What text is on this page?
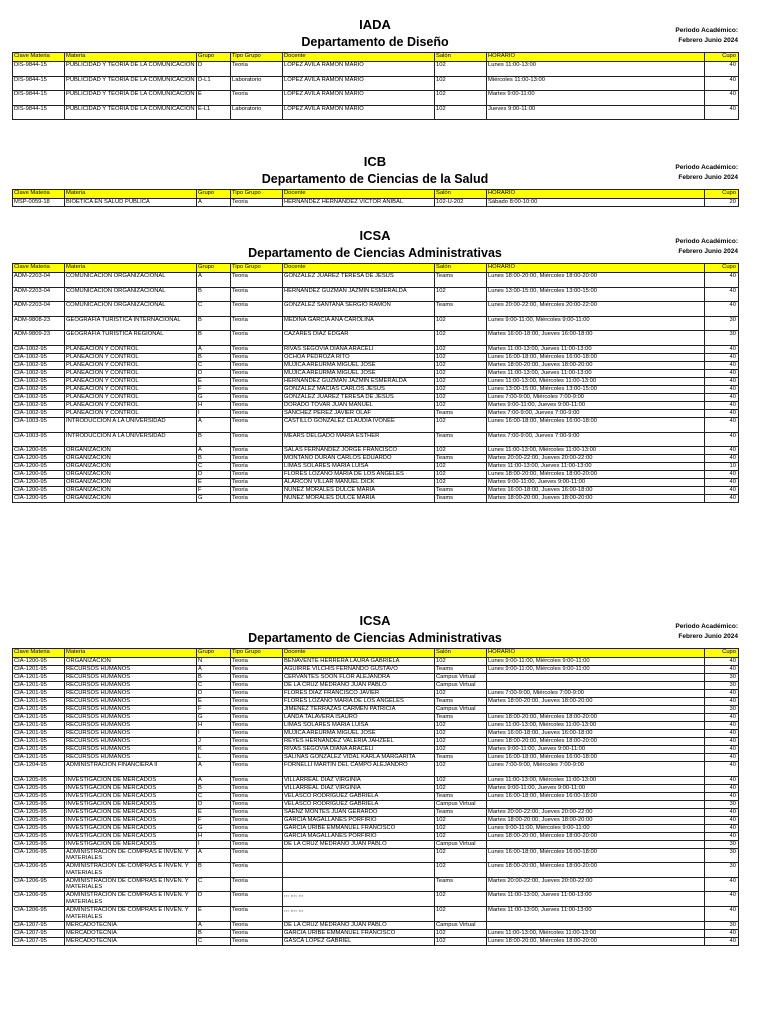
IADA
Departamento de Diseño
Periodo Académico:
Febrero Junio 2024
Clave Materia	Materia	Grupo	Tipo Grupo	Docente	Salón	HORARIO	Cupo
DIS-9844-15	PUBLICIDAD Y TEORIA DE LA COMUNICACION	D	Teoria	LOPEZ AVILA RAMON MARIO	102	Lunes 11:00-13:00	40
DIS-9844-15	PUBLICIDAD Y TEORIA DE LA COMUNICACION	D-L1	Laboratorio	LOPEZ AVILA RAMON MARIO	102	Miércoles 11:00-13:00	40
DIS-9844-15	PUBLICIDAD Y TEORIA DE LA COMUNICACION	E	Teoria	LOPEZ AVILA RAMON MARIO	102	Martes 9:00-11:00	40
DIS-9844-15	PUBLICIDAD Y TEORIA DE LA COMUNICACION	E-L1	Laboratorio	LOPEZ AVILA RAMON MARIO	102	Jueves 9:00-11:00	40
ICB
Departamento de Ciencias de la Salud
Periodo Académico:
Febrero Junio 2024
Clave Materia	Materia	Grupo	Tipo Grupo	Docente	Salón	HORARIO	Cupo
MSP-0059-18	BIOETICA EN SALUD PUBLICA	A	Teoria	HERNANDEZ HERNANDEZ VICTOR ANIBAL	102-U-202	Sábado 8:00-10:00	20
ICSA
Departamento de Ciencias Administrativas
Periodo Académico:
Febrero Junio 2024
Clave Materia	Materia	Grupo	Tipo Grupo	Docente	Salón	HORARIO	Cupo
ADM-2203-04	COMUNICACION ORGANIZACIONAL	A	Teoria	GONZALEZ JUAREZ TERESA DE JESUS	Teams	Lunes 18:00-20:00, Miércoles 18:00-20:00	40
ADM-2203-04	COMUNICACION ORGANIZACIONAL	B	Teoria	HERNANDEZ GUZMAN JAZMIN ESMERALDA	102	Lunes 13:00-15:00, Miércoles 13:00-15:00	40
ADM-2203-04	COMUNICACION ORGANIZACIONAL	C	Teoria	GONZALEZ SANTANA SERGIO RAMON	Teams	Lunes 20:00-22:00, Miércoles 20:00-22:00	40
ADM-9808-23	GEOGRAFÍA TURÍSTICA INTERNACIONAL	B	Teoria	MEDINA GARCIA ANA CAROLINA	102	Lunes 9:00-11:00, Miércoles 9:00-11:00	30
ADM-9809-23	GEOGRAFÍA TURÍSTICA REGIONAL	B	Teoria	CAZARES DIAZ EDGAR	102	Martes 16:00-18:00, Jueves 16:00-18:00	30
CIA-1002-95	PLANEACION Y CONTROL	A	Teoria	RIVAS SEGOVIA DIANA ARACELI	102	Martes 11:00-13:00, Jueves 11:00-13:00	40
CIA-1002-95	PLANEACION Y CONTROL	B	Teoria	OCHOA PEDROZA RITO	102	Lunes 16:00-18:00, Miércoles 16:00-18:00	40
CIA-1002-95	PLANEACION Y CONTROL	C	Teoria	MUJICA AREURMA MIGUEL JOSE	102	Martes 18:00-20:00, Jueves 18:00-20:00	40
CIA-1002-95	PLANEACION Y CONTROL	D	Teoria	MUJICA AREURMA MIGUEL JOSE	102	Martes 11:00-13:00, Jueves 11:00-13:00	40
CIA-1002-95	PLANEACION Y CONTROL	E	Teoria	HERNANDEZ GUZMAN JAZMIN ESMERALDA	102	Lunes 11:00-13:00, Miércoles 11:00-13:00	40
CIA-1002-95	PLANEACION Y CONTROL	F	Teoria	GONZALEZ MACIAS CARLOS JESUS	102	Lunes 13:00-15:00, Miércoles 13:00-15:00	40
CIA-1002-95	PLANEACION Y CONTROL	G	Teoria	GONZALEZ JUAREZ TERESA DE JESUS	102	Lunes 7:00-9:00, Miércoles 7:00-9:00	40
CIA-1002-95	PLANEACION Y CONTROL	H	Teoria	DORADO TOVAR JUAN MANUEL	102	Martes 9:00-11:00, Jueves 9:00-11:00	40
CIA-1002-95	PLANEACION Y CONTROL	I	Teoria	SANCHEZ PEREZ JAVIER OLAF	Teams	Martes 7:00-9:00, Jueves 7:00-9:00	40
CIA-1003-95	INTRODUCCION A LA UNIVERSIDAD	A	Teoria	CASTILLO GONZALEZ CLAUDIA IVONEE	102	Lunes 16:00-18:00, Miércoles 16:00-18:00	40
CIA-1003-95	INTRODUCCION A LA UNIVERSIDAD	B	Teoria	MEARS DELGADO MARIA ESTHER	Teams	Martes 7:00-9:00, Jueves 7:00-9:00	40
CIA-1200-95	ORGANIZACION	A	Teoria	SALAS FERNANDEZ JORGE FRANCISCO	102	Lunes 11:00-13:00, Miércoles 11:00-13:00	40
CIA-1200-95	ORGANIZACION	B	Teoria	MONTANO DURAN CARLOS EDUARDO	Teams	Martes 20:00-22:00, Jueves 20:00-22:00	40
CIA-1200-95	ORGANIZACION	C	Teoria	LIMAS SOLARES MARIA LUISA	102	Martes 11:00-13:00, Jueves 11:00-13:00	10
CIA-1200-95	ORGANIZACION	D	Teoria	FLORES LOZANO MARIA DE LOS ANGELES	102	Lunes 18:00-20:00, Miércoles 18:00-20:00	40
CIA-1200-95	ORGANIZACION	E	Teoria	ALARCON VILLAR MANUEL DICK	102	Martes 9:00-11:00, Jueves 9:00-11:00	40
CIA-1200-95	ORGANIZACION	F	Teoria	NUÑEZ MORALES DULCE MARIA	Teams	Martes 16:00-18:00, Jueves 16:00-18:00	40
CIA-1200-95	ORGANIZACION	G	Teoria	NUÑEZ MORALES DULCE MARIA	Teams	Martes 18:00-20:00, Jueves 18:00-20:00	40
ICSA
Departamento de Ciencias Administrativas
Periodo Académico:
Febrero Junio 2024
Clave Materia	Materia	Grupo	Tipo Grupo	Docente	Salón	HORARIO	Cupo
CIA-1200-95	ORGANIZACION	N	Teoria	BENAVENTE HERRERA LAURA GABRIELA	102	Lunes 9:00-11:00, Miércoles 9:00-11:00	40
CIA-1201-95	RECURSOS HUMANOS	A	Teoria	AGUIRRE VILCHIS FERNANDO GUSTAVO	Teams	Lunes 9:00-11:00, Miércoles 9:00-11:00	40
CIA-1201-95	RECURSOS HUMANOS	B	Teoria	CERVANTES SOON FLOR ALEJANDRA	Campus Virtual		30
CIA-1201-95	RECURSOS HUMANOS	C	Teoria	DE LA CRUZ MEDRANO JUAN PABLO	Campus Virtual		30
CIA-1201-95	RECURSOS HUMANOS	D	Teoria	FLORES DIAZ FRANCISCO JAVIER	102	Lunes 7:00-9:00, Miércoles 7:00-9:00	40
CIA-1201-95	RECURSOS HUMANOS	E	Teoria	FLORES LOZANO MARIA DE LOS ANGELES	Teams	Martes 18:00-20:00, Jueves 18:00-20:00	40
CIA-1201-95	RECURSOS HUMANOS	F	Teoria	JIMENEZ TERRAZAS CARMEN PATRICIA	Campus Virtual		30
CIA-1201-95	RECURSOS HUMANOS	G	Teoria	LANDA TALAVERA ISAURO	Teams	Lunes 18:00-20:00, Miércoles 18:00-20:00	40
CIA-1201-95	RECURSOS HUMANOS	H	Teoria	LIMAS SOLARES MARIA LUISA	102	Lunes 11:00-13:00, Miércoles 11:00-13:00	40
CIA-1201-95	RECURSOS HUMANOS	I	Teoria	MUJICA AREURMA MIGUEL JOSE	102	Martes 16:00-18:00, Jueves 16:00-18:00	40
CIA-1201-95	RECURSOS HUMANOS	J	Teoria	REYES HERNANDEZ VALERIA JAHZEEL	102	Lunes 18:00-20:00, Miércoles 18:00-20:00	40
CIA-1201-95	RECURSOS HUMANOS	K	Teoria	RIVAS SEGOVIA DIANA ARACELI	102	Martes 9:00-11:00, Jueves 9:00-11:00	40
CIA-1201-95	RECURSOS HUMANOS	L	Teoria	SALINAS GONZALEZ VIDAL KARLA MARGARITA	Teams	Lunes 16:00-18:00, Miércoles 16:00-18:00	40
CIA-1204-95	ADMINISTRACION FINANCIERA II	A	Teoria	FORNELLI MARTIN DEL CAMPO ALEJANDRO	102	Lunes 7:00-9:00, Miércoles 7:00-9:00	40
CIA-1205-95	INVESTIGACION DE MERCADOS	A	Teoria	VILLARREAL DIAZ VIRGINIA	102	Lunes 11:00-13:00, Miércoles 11:00-13:00	40
CIA-1205-95	INVESTIGACION DE MERCADOS	B	Teoria	VILLARREAL DIAZ VIRGINIA	102	Martes 9:00-11:00, Jueves 9:00-11:00	40
CIA-1205-95	INVESTIGACION DE MERCADOS	C	Teoria	VELASCO RODRIGUEZ GABRIELA	Teams	Lunes 16:00-18:00, Miércoles 16:00-18:00	40
CIA-1205-95	INVESTIGACION DE MERCADOS	D	Teoria	VELASCO RODRIGUEZ GABRIELA	Campus Virtual		30
CIA-1205-95	INVESTIGACION DE MERCADOS	E	Teoria	SAENZ MONTES JUAN GERARDO	Teams	Martes 20:00-22:00, Jueves 20:00-22:00	40
CIA-1205-95	INVESTIGACION DE MERCADOS	F	Teoria	GARCIA MAGALLANES PORFIRIO	102	Martes 18:00-20:00, Jueves 18:00-20:00	40
CIA-1205-95	INVESTIGACION DE MERCADOS	G	Teoria	GARCIA URIBE EMMANUEL FRANCISCO	102	Lunes 9:00-11:00, Miércoles 9:00-11:00	40
CIA-1205-95	INVESTIGACION DE MERCADOS	H	Teoria	GARCIA MAGALLANES PORFIRIO	102	Lunes 18:00-20:00, Miércoles 18:00-20:00	40
CIA-1205-95	INVESTIGACION DE MERCADOS	I	Teoria	DE LA CRUZ MEDRANO JUAN PABLO	Campus Virtual		30
CIA-1206-95	ADMINISTRACION DE COMPRAS E INVEN. Y MATERIALES	A	Teoria		102	Lunes 16:00-18:00, Miércoles 16:00-18:00	30
CIA-1206-95	ADMINISTRACION DE COMPRAS E INVEN. Y MATERIALES	B	Teoria		102	Lunes 18:00-20:00, Miércoles 18:00-20:00	30
CIA-1206-95	ADMINISTRACION DE COMPRAS E INVEN. Y MATERIALES	C	Teoria		Teams	Martes 20:00-22:00, Jueves 20:00-22:00	40
CIA-1206-95	ADMINISTRACION DE COMPRAS E INVEN. Y MATERIALES	D	Teoria	,,, ,,,, ,,,	102	Martes 11:00-13:00, Jueves 11:00-13:00	40
CIA-1206-95	ADMINISTRACION DE COMPRAS E INVEN. Y MATERIALES	E	Teoria	,,, ,,,, ,,,	102	Martes 11:00-13:00, Jueves 11:00-13:00	40
CIA-1207-95	MERCADOTECNIA	A	Teoria	DE LA CRUZ MEDRANO JUAN PABLO	Campus Virtual		30
CIA-1207-95	MERCADOTECNIA	B	Teoria	GARCIA URIBE EMMANUEL FRANCISCO	102	Lunes 11:00-13:00, Miércoles 11:00-13:00	40
CIA-1207-95	MERCADOTECNIA	C	Teoria	GASCA LOPEZ GABRIEL	102	Lunes 18:00-20:00, Miércoles 18:00-20:00	40
